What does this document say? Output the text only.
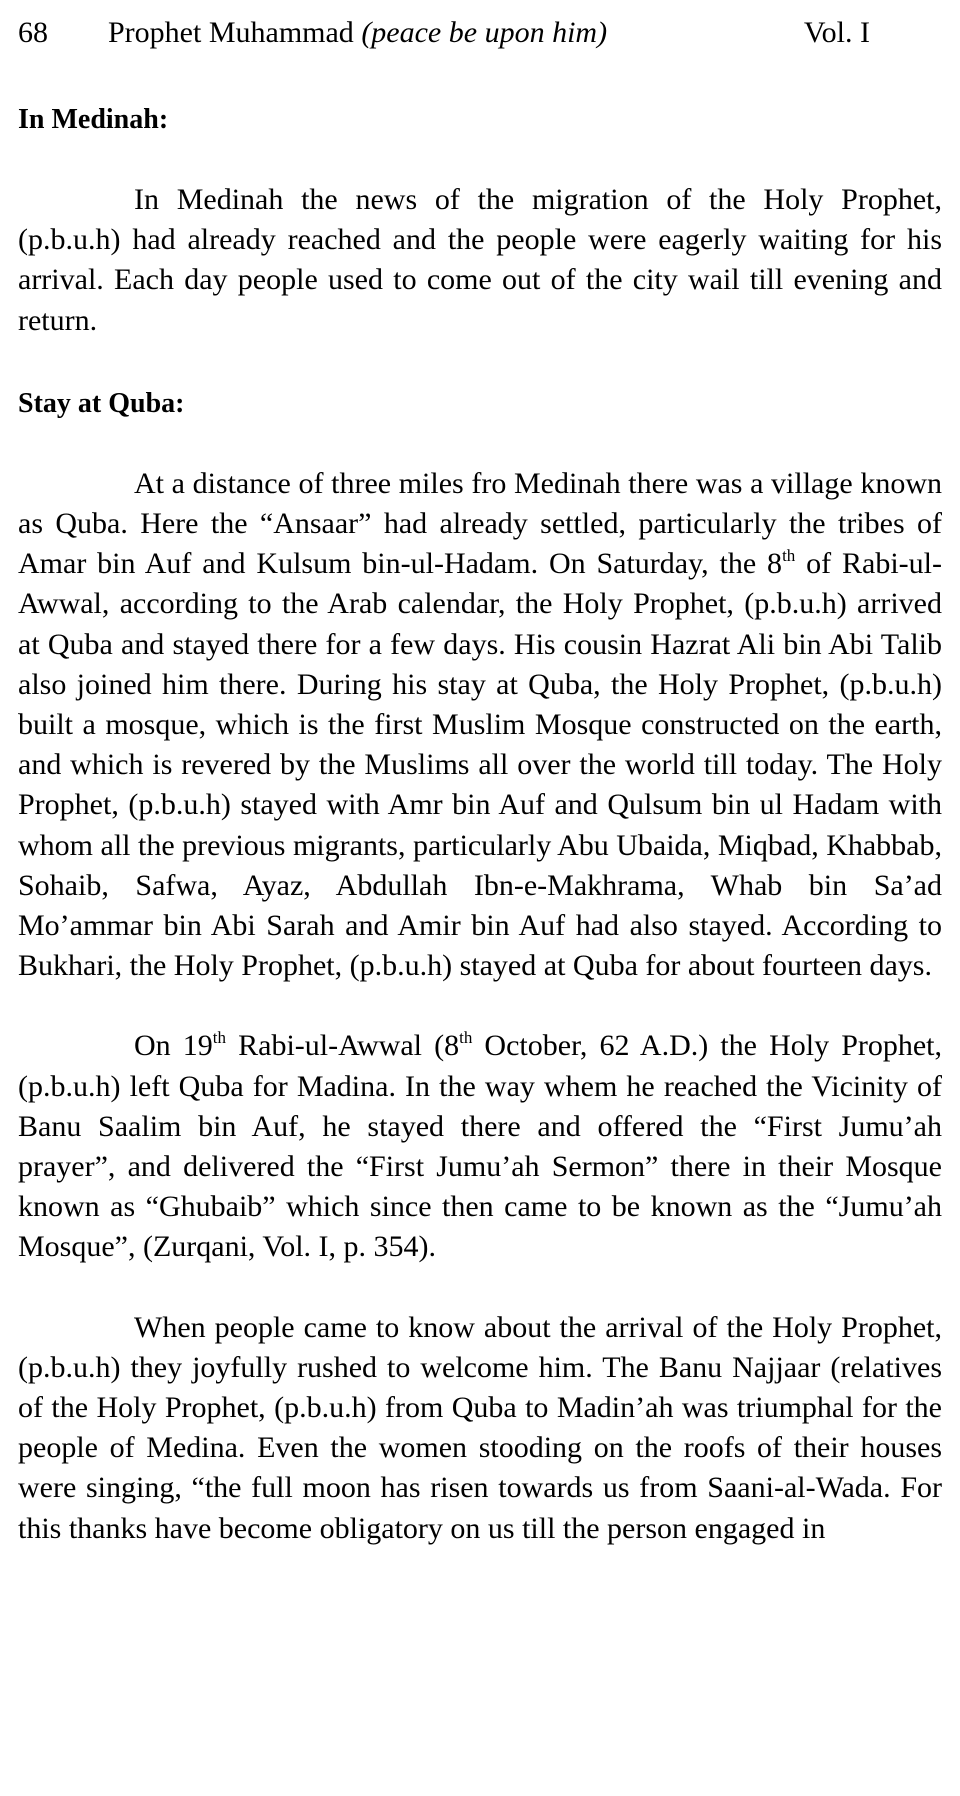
68 Prophet Muhammad (peace be upon him)	Vol. I
In Medinah:

In Medinah the news of the migration of the Holy Prophet, (p.b.u.h) had already reached and the people were eagerly waiting for his arrival. Each day people used to come out of the city wail till evening and return.

Stay at Quba:

At a distance of three miles fro Medinah there was a village known as Quba. Here the “Ansaar” had already settled, particularly the tribes of Amar bin Auf and Kulsum bin-ul-Hadam. On Saturday, the 8th of Rabi-ul-Awwal, according to the Arab calendar, the Holy Prophet, (p.b.u.h) arrived at Quba and stayed there for a few days. His cousin Hazrat Ali bin Abi Talib also joined him there. During his stay at Quba, the Holy Prophet, (p.b.u.h) built a mosque, which is the first Muslim Mosque constructed on the earth, and which is revered by the Muslims all over the world till today. The Holy Prophet, (p.b.u.h) stayed with Amr bin Auf and Qulsum bin ul Hadam with whom all the previous migrants, particularly Abu Ubaida, Miqbad, Khabbab, Sohaib, Safwa, Ayaz, Abdullah Ibn-e-Makhrama, Whab bin Sa’ad Mo’ammar bin Abi Sarah and Amir bin Auf had also stayed. According to Bukhari, the Holy Prophet, (p.b.u.h) stayed at Quba for about fourteen days.

On 19th Rabi-ul-Awwal (8th October, 62 A.D.) the Holy Prophet, (p.b.u.h) left Quba for Madina. In the way whem he reached the Vicinity of Banu Saalim bin Auf, he stayed there and offered the “First Jumu’ah prayer”, and delivered the “First Jumu’ah Sermon” there in their Mosque known as “Ghubaib” which since then came to be known as the “Jumu’ah Mosque”, (Zurqani, Vol. I, p. 354).

When people came to know about the arrival of the Holy Prophet, (p.b.u.h) they joyfully rushed to welcome him. The Banu Najjaar (relatives of the Holy Prophet, (p.b.u.h) from Quba to Madin’ah was triumphal for the people of Medina. Even the women stooding on the roofs of their houses were singing, “the full moon has risen towards us from Saani-al-Wada. For this thanks have become obligatory on us till the person engaged in
